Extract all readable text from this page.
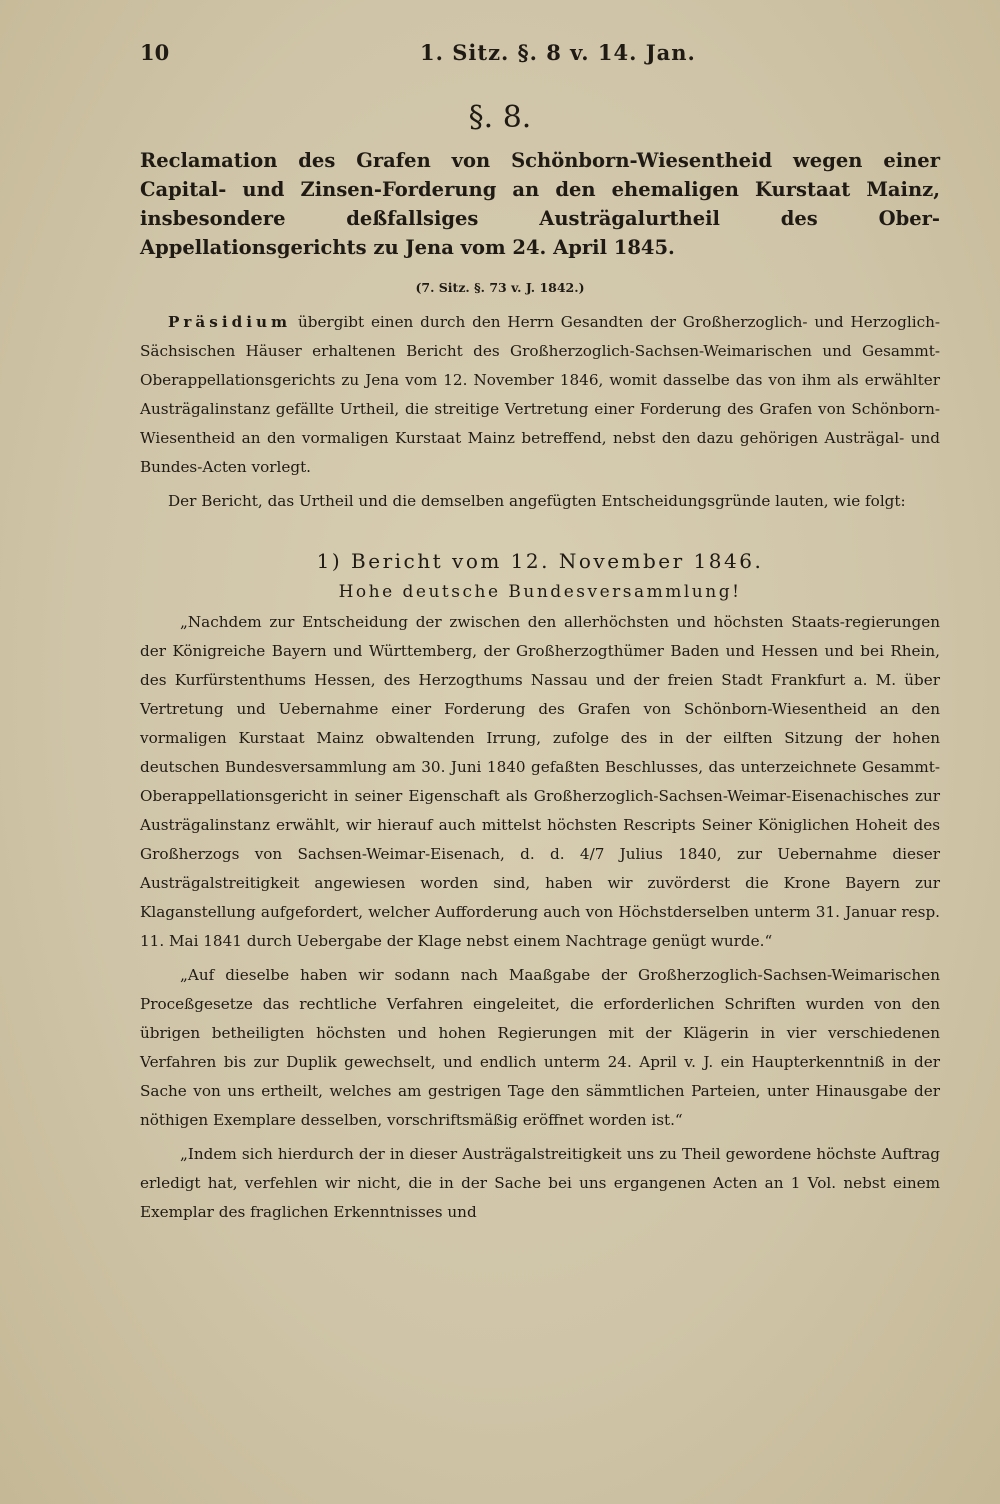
10	1. Sitz. §. 8 v. 14. Jan.
§. 8.
Reclamation des Grafen von Schönborn-Wiesentheid wegen einer Capital- und Zinsen-Forderung an den ehemaligen Kurstaat Mainz, insbesondere deßfallsiges Austrägalurtheil des Ober-Appellationsgerichts zu Jena vom 24. April 1845.
(7. Sitz. §. 73 v. J. 1842.)

Präsidium übergibt einen durch den Herrn Gesandten der Großherzoglich- und Herzoglich-Sächsischen Häuser erhaltenen Bericht des Großherzoglich-Sachsen-Weimarischen und Gesammt-Oberappellationsgerichts zu Jena vom 12. November 1846, womit dasselbe das von ihm als erwählter Austrägalinstanz gefällte Urtheil, die streitige Vertretung einer Forderung des Grafen von Schönborn-Wiesentheid an den vormaligen Kurstaat Mainz betreffend, nebst den dazu gehörigen Austrägal- und Bundes-Acten vorlegt.

Der Bericht, das Urtheil und die demselben angefügten Entscheidungsgründe lauten, wie folgt:

1) Bericht vom 12. November 1846.
Hohe deutsche Bundesversammlung!

„Nachdem zur Entscheidung der zwischen den allerhöchsten und höchsten Staats-regierungen der Königreiche Bayern und Württemberg, der Großherzogthümer Baden und Hessen und bei Rhein, des Kurfürstenthums Hessen, des Herzogthums Nassau und der freien Stadt Frankfurt a. M. über Vertretung und Uebernahme einer Forderung des Grafen von Schönborn-Wiesentheid an den vormaligen Kurstaat Mainz obwaltenden Irrung, zufolge des in der eilften Sitzung der hohen deutschen Bundesversammlung am 30. Juni 1840 gefaßten Beschlusses, das unterzeichnete Gesammt-Oberappellationsgericht in seiner Eigenschaft als Großherzoglich-Sachsen-Weimar-Eisenachisches zur Austrägalinstanz erwählt, wir hierauf auch mittelst höchsten Rescripts Seiner Königlichen Hoheit des Großherzogs von Sachsen-Weimar-Eisenach, d. d. 4/7 Julius 1840, zur Uebernahme dieser Austrägalstreitigkeit angewiesen worden sind, haben wir zuvörderst die Krone Bayern zur Klaganstellung aufgefordert, welcher Aufforderung auch von Höchstderselben unterm 31. Januar resp. 11. Mai 1841 durch Uebergabe der Klage nebst einem Nachtrage genügt wurde.“

„Auf dieselbe haben wir sodann nach Maaßgabe der Großherzoglich-Sachsen-Weimarischen Proceßgesetze das rechtliche Verfahren eingeleitet, die erforderlichen Schriften wurden von den übrigen betheiligten höchsten und hohen Regierungen mit der Klägerin in vier verschiedenen Verfahren bis zur Duplik gewechselt, und endlich unterm 24. April v. J. ein Haupterkenntniß in der Sache von uns ertheilt, welches am gestrigen Tage den sämmtlichen Parteien, unter Hinausgabe der nöthigen Exemplare desselben, vorschriftsmäßig eröffnet worden ist.“

„Indem sich hierdurch der in dieser Austrägalstreitigkeit uns zu Theil gewordene höchste Auftrag erledigt hat, verfehlen wir nicht, die in der Sache bei uns ergangenen Acten an 1 Vol. nebst einem Exemplar des fraglichen Erkenntnisses und
